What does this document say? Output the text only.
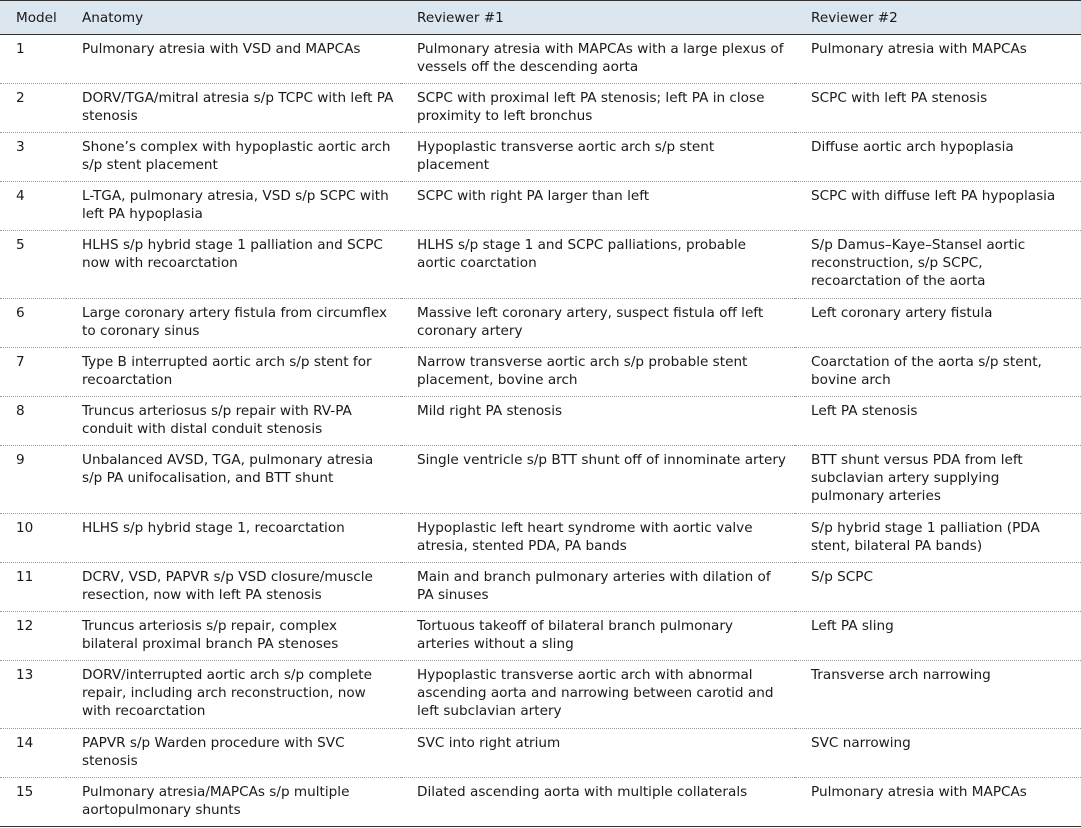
Model	Anatomy	Reviewer #1	Reviewer #2
1	Pulmonary atresia with VSD and MAPCAs	Pulmonary atresia with MAPCAs with a large plexus of vessels off the descending aorta	Pulmonary atresia with MAPCAs
2	DORV/TGA/mitral atresia s/p TCPC with left PA stenosis	SCPC with proximal left PA stenosis; left PA in close proximity to left bronchus	SCPC with left PA stenosis
3	Shone’s complex with hypoplastic aortic arch s/p stent placement	Hypoplastic transverse aortic arch s/p stent placement	Diffuse aortic arch hypoplasia
4	L-TGA, pulmonary atresia, VSD s/p SCPC with left PA hypoplasia	SCPC with right PA larger than left	SCPC with diffuse left PA hypoplasia
5	HLHS s/p hybrid stage 1 palliation and SCPC now with recoarctation	HLHS s/p stage 1 and SCPC palliations, probable aortic coarctation	S/p Damus–Kaye–Stansel aortic reconstruction, s/p SCPC, recoarctation of the aorta
6	Large coronary artery fistula from circumflex to coronary sinus	Massive left coronary artery, suspect fistula off left coronary artery	Left coronary artery fistula
7	Type B interrupted aortic arch s/p stent for recoarctation	Narrow transverse aortic arch s/p probable stent placement, bovine arch	Coarctation of the aorta s/p stent, bovine arch
8	Truncus arteriosus s/p repair with RV-PA conduit with distal conduit stenosis	Mild right PA stenosis	Left PA stenosis
9	Unbalanced AVSD, TGA, pulmonary atresia s/p PA unifocalisation, and BTT shunt	Single ventricle s/p BTT shunt off of innominate artery	BTT shunt versus PDA from left subclavian artery supplying pulmonary arteries
10	HLHS s/p hybrid stage 1, recoarctation	Hypoplastic left heart syndrome with aortic valve atresia, stented PDA, PA bands	S/p hybrid stage 1 palliation (PDA stent, bilateral PA bands)
11	DCRV, VSD, PAPVR s/p VSD closure/muscle resection, now with left PA stenosis	Main and branch pulmonary arteries with dilation of PA sinuses	S/p SCPC
12	Truncus arteriosis s/p repair, complex bilateral proximal branch PA stenoses	Tortuous takeoff of bilateral branch pulmonary arteries without a sling	Left PA sling
13	DORV/interrupted aortic arch s/p complete repair, including arch reconstruction, now with recoarctation	Hypoplastic transverse aortic arch with abnormal ascending aorta and narrowing between carotid and left subclavian artery	Transverse arch narrowing
14	PAPVR s/p Warden procedure with SVC stenosis	SVC into right atrium	SVC narrowing
15	Pulmonary atresia/MAPCAs s/p multiple aortopulmonary shunts	Dilated ascending aorta with multiple collaterals	Pulmonary atresia with MAPCAs
